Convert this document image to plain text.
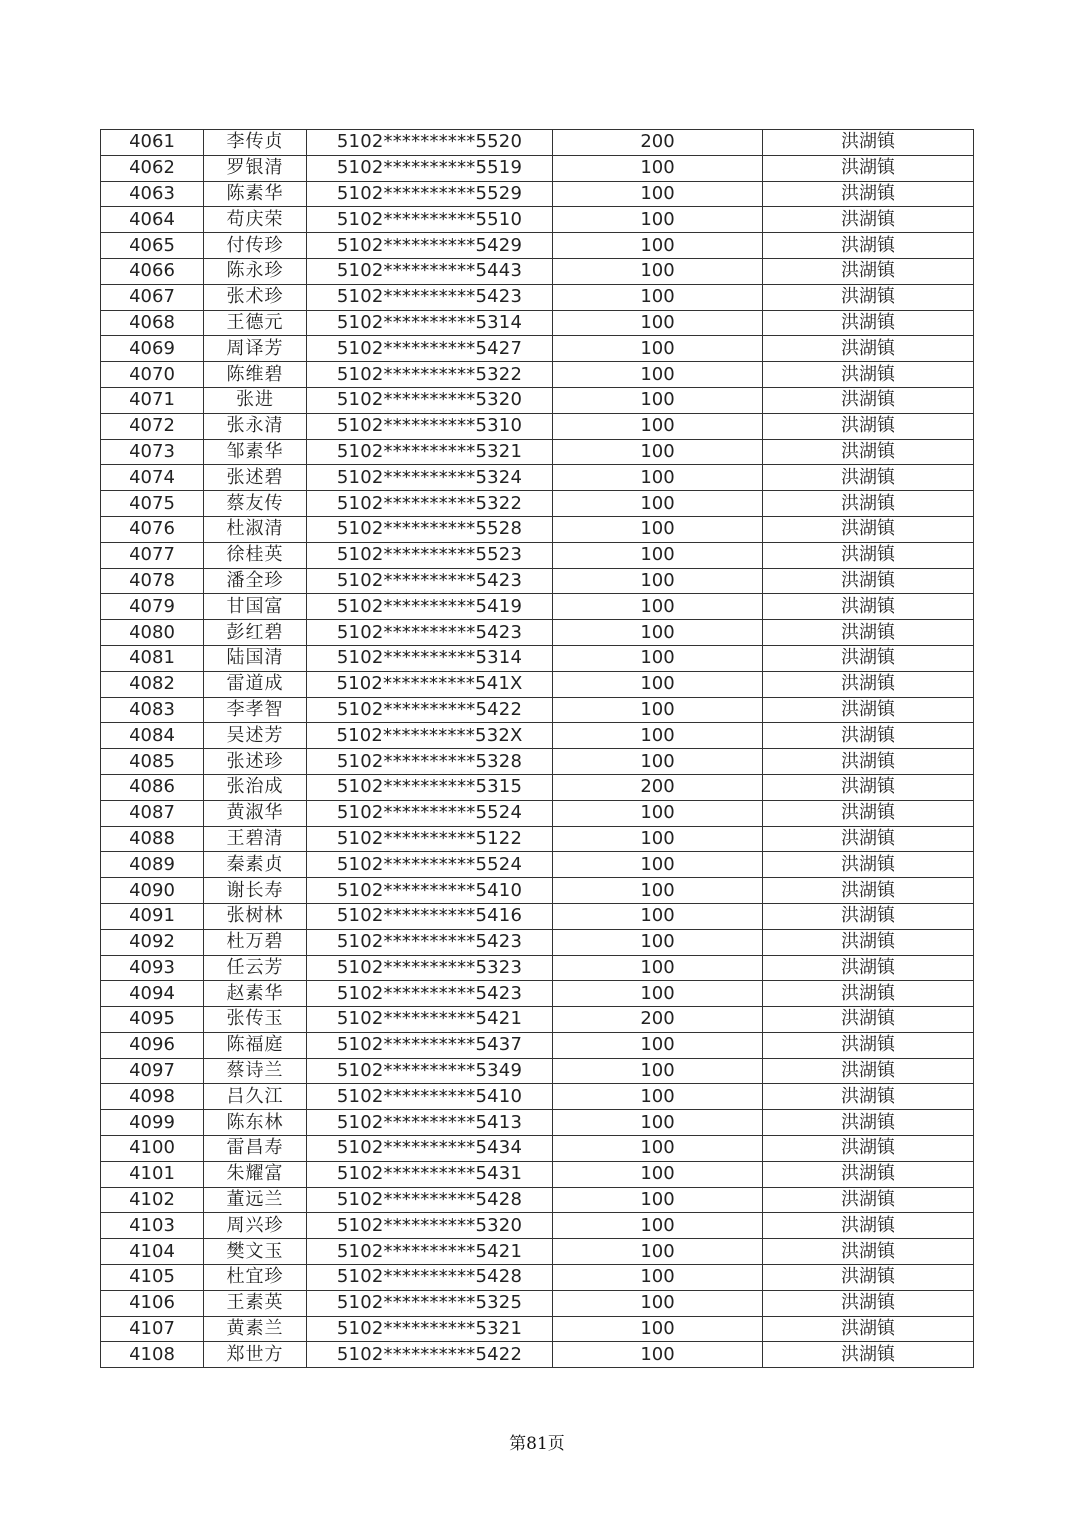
4061	李传贞	5102**********5520	200	洪湖镇
4062	罗银清	5102**********5519	100	洪湖镇
4063	陈素华	5102**********5529	100	洪湖镇
4064	苟庆荣	5102**********5510	100	洪湖镇
4065	付传珍	5102**********5429	100	洪湖镇
4066	陈永珍	5102**********5443	100	洪湖镇
4067	张术珍	5102**********5423	100	洪湖镇
4068	王德元	5102**********5314	100	洪湖镇
4069	周译芳	5102**********5427	100	洪湖镇
4070	陈维碧	5102**********5322	100	洪湖镇
4071	张进	5102**********5320	100	洪湖镇
4072	张永清	5102**********5310	100	洪湖镇
4073	邹素华	5102**********5321	100	洪湖镇
4074	张述碧	5102**********5324	100	洪湖镇
4075	蔡友传	5102**********5322	100	洪湖镇
4076	杜淑清	5102**********5528	100	洪湖镇
4077	徐桂英	5102**********5523	100	洪湖镇
4078	潘全珍	5102**********5423	100	洪湖镇
4079	甘国富	5102**********5419	100	洪湖镇
4080	彭红碧	5102**********5423	100	洪湖镇
4081	陆国清	5102**********5314	100	洪湖镇
4082	雷道成	5102**********541X	100	洪湖镇
4083	李孝智	5102**********5422	100	洪湖镇
4084	吴述芳	5102**********532X	100	洪湖镇
4085	张述珍	5102**********5328	100	洪湖镇
4086	张治成	5102**********5315	200	洪湖镇
4087	黄淑华	5102**********5524	100	洪湖镇
4088	王碧清	5102**********5122	100	洪湖镇
4089	秦素贞	5102**********5524	100	洪湖镇
4090	谢长寿	5102**********5410	100	洪湖镇
4091	张树林	5102**********5416	100	洪湖镇
4092	杜万碧	5102**********5423	100	洪湖镇
4093	任云芳	5102**********5323	100	洪湖镇
4094	赵素华	5102**********5423	100	洪湖镇
4095	张传玉	5102**********5421	200	洪湖镇
4096	陈福庭	5102**********5437	100	洪湖镇
4097	蔡诗兰	5102**********5349	100	洪湖镇
4098	吕久江	5102**********5410	100	洪湖镇
4099	陈东林	5102**********5413	100	洪湖镇
4100	雷昌寿	5102**********5434	100	洪湖镇
4101	朱耀富	5102**********5431	100	洪湖镇
4102	董远兰	5102**********5428	100	洪湖镇
4103	周兴珍	5102**********5320	100	洪湖镇
4104	樊文玉	5102**********5421	100	洪湖镇
4105	杜宜珍	5102**********5428	100	洪湖镇
4106	王素英	5102**********5325	100	洪湖镇
4107	黄素兰	5102**********5321	100	洪湖镇
4108	郑世方	5102**********5422	100	洪湖镇
第81页
